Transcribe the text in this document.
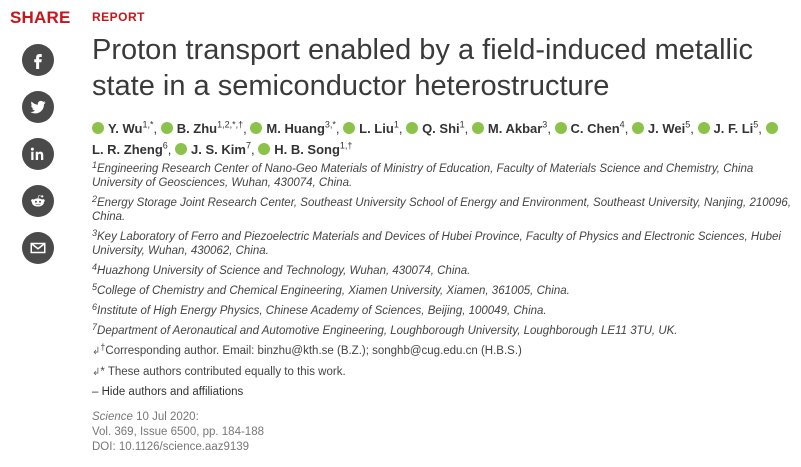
SHARE REPORT
Proton transport enabled by a field-induced metallic state in a semiconductor heterostructure
Y. $Wu^{1,*}$, B. Zhu$^{1,2,*,\dagger}$, M. Huang$^{3,*}$, L. Liu$^1$, Q. Shi$^1$, M. Akbar$^3$, C. Chen$^4$, J. Wei$^5$, J. F. Li$^5$, L. R. Zheng$^6$, J. S. Kim$^7$, H. B. Song$^{1,\dagger}$
$^1$Engineering Research Center of Nano-Geo Materials of Ministry of Education, Faculty of Materials Science and Chemistry, China University of Geosciences, Wuhan, 430074, China.
$^2$Energy Storage Joint Research Center, Southeast University School of Energy and Environment, Southeast University, Nanjing, 210096, China.
$^3$Key Laboratory of Ferro and Piezoelectric Materials and Devices of Hubei Province, Faculty of Physics and Electronic Sciences, Hubei University, Wuhan, 430062, China.
$^4$Huazhong University of Science and Technology, Wuhan, 430074, China.
$^5$College of Chemistry and Chemical Engineering, Xiamen University, Xiamen, 361005, China.
$^6$Institute of High Energy Physics, Chinese Academy of Sciences, Beijing, 100049, China.
$^7$Department of Aeronautical and Automotive Engineering, Loughborough University, Loughborough LE11 3TU, UK.
↲†Corresponding author. Email: binzhu@kth.se (B.Z.); songhb@cug.edu.cn (H.B.S.)
↲* These authors contributed equally to this work.
– Hide authors and affiliations
Science 10 Jul 2020:
Vol. 369, Issue 6500, pp. 184-188
DOI: 10.1126/science.aaz9139
